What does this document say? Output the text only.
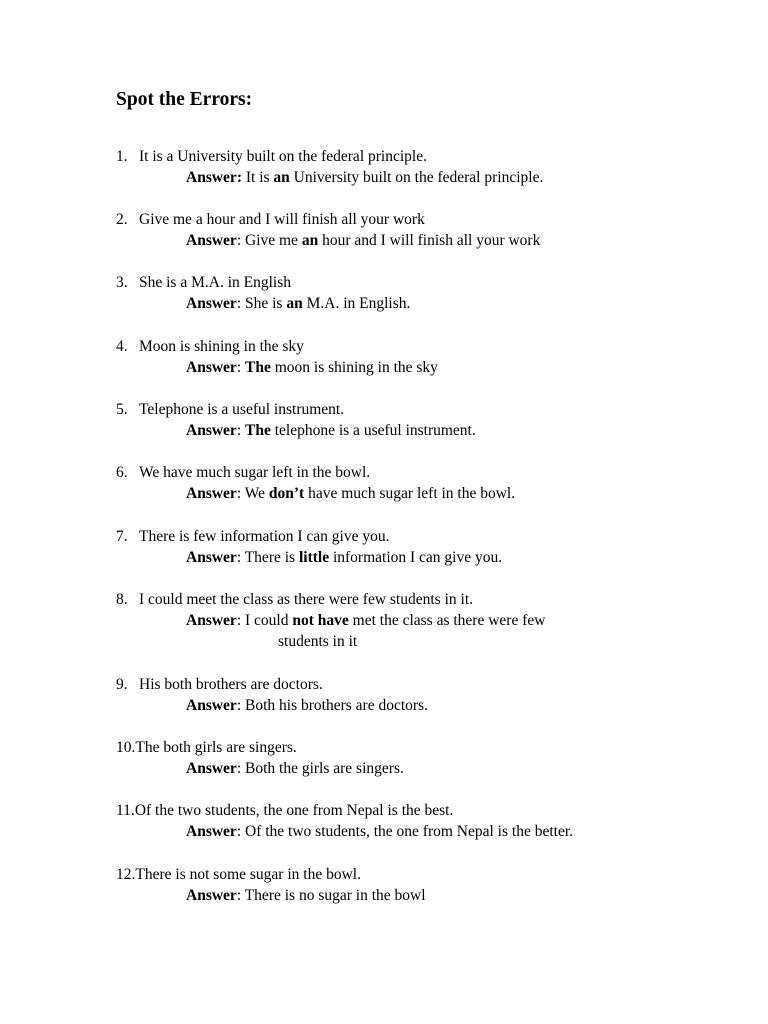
Spot the Errors:
1. It is a University built on the federal principle.
Answer: It is an University built on the federal principle.
2. Give me a hour and I will finish all your work
Answer: Give me an hour and I will finish all your work
3. She is a M.A. in English
Answer: She is an M.A. in English.
4. Moon is shining in the sky
Answer: The moon is shining in the sky
5. Telephone is a useful instrument.
Answer: The telephone is a useful instrument.
6. We have much sugar left in the bowl.
Answer: We don’t have much sugar left in the bowl.
7. There is few information I can give you.
Answer: There is little information I can give you.
8. I could meet the class as there were few students in it.
Answer: I could not have met the class as there were few
students in it
9. His both brothers are doctors.
Answer: Both his brothers are doctors.
10.The both girls are singers.
Answer: Both the girls are singers.
11.Of the two students, the one from Nepal is the best.
Answer: Of the two students, the one from Nepal is the better.
12.There is not some sugar in the bowl.
Answer: There is no sugar in the bowl
